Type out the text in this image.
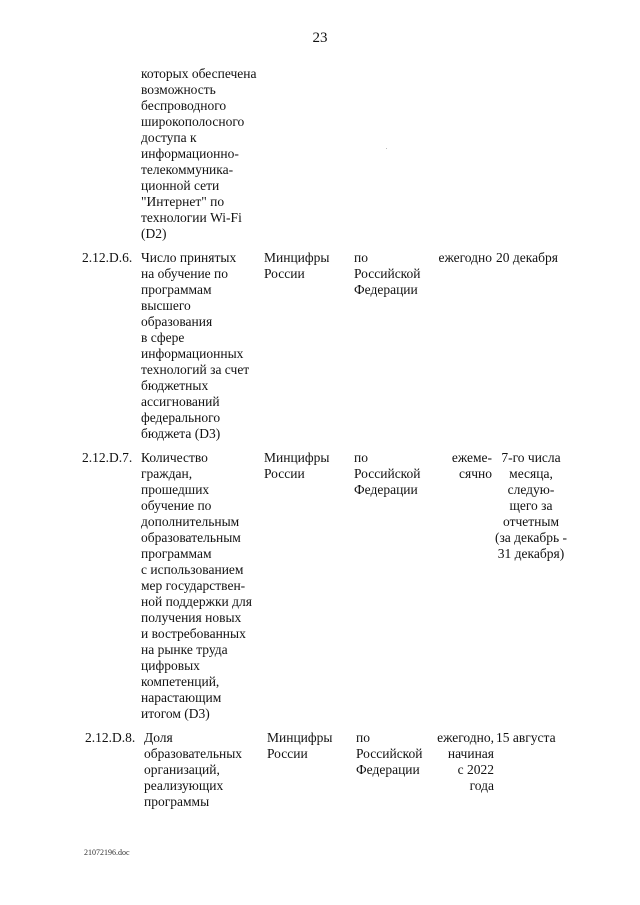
23
которых обеспечена
возможность
беспроводного
широкополосного
доступа к
информационно-
телекоммуника-
ционной сети
"Интернет" по
технологии Wi-Fi
(D2)
2.12.D.6. Число принятых
на обучение по
программам
высшего
образования
в сфере
информационных
технологий за счет
бюджетных
ассигнований
федерального
бюджета (D3)
Минцифры
России
по
Российской
Федерации
ежегодно 20 декабря
2.12.D.7. Количество
граждан,
прошедших
обучение по
дополнительным
образовательным
программам
с использованием
мер государствен-
ной поддержки для
получения новых
и востребованных
на рынке труда
цифровых
компетенций,
нарастающим
итогом (D3)
Минцифры
России
по
Российской
Федерации
ежеме-
сячно
7-го числа
месяца,
следую-
щего за
отчетным
(за декабрь -
31 декабря)
2.12.D.8. Доля
образовательных
организаций,
реализующих
программы
Минцифры
России
по
Российской
Федерации
ежегодно,
начиная
с 2022
года
15 августа
21072196.doc
